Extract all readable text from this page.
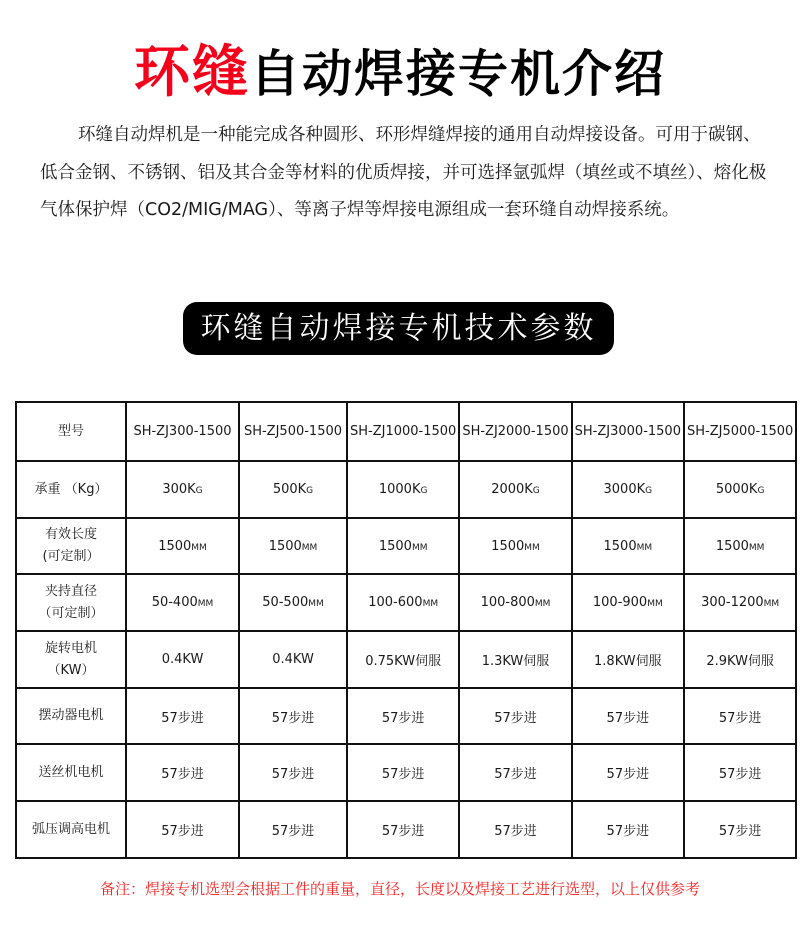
环缝自动焊接专机介绍

环缝自动焊机是一种能完成各种圆形、环形焊缝焊接的通用自动焊接设备。可用于碳钢、低合金钢、不锈钢、铝及其合金等材料的优质焊接，并可选择氩弧焊（填丝或不填丝）、熔化极气体保护焊（CO2/MIG/MAG）、等离子焊等焊接电源组成一套环缝自动焊接系统。

环缝自动焊接专机技术参数
型号	SH-ZJ300-1500	SH-ZJ500-1500	SH-ZJ1000-1500	SH-ZJ2000-1500	SH-ZJ3000-1500	SH-ZJ5000-1500

承重 （Kg）	300KG	500KG	1000KG	2000KG	3000KG	5000KG

有效长度
(可定制）	1500MM	1500MM	1500MM	1500MM	1500MM	1500MM

夹持直径
（可定制）	50-400MM	50-500MM	100-600MM	100-800MM	100-900MM	300-1200MM

旋转电机
（KW）	0.4KW	0.4KW	0.75KW伺服	1.3KW伺服	1.8KW伺服	2.9KW伺服

摆动器电机	57步进	57步进	57步进	57步进	57步进	57步进

送丝机电机	57步进	57步进	57步进	57步进	57步进	57步进

弧压调高电机	57步进	57步进	57步进	57步进	57步进	57步进
备注：焊接专机选型会根据工件的重量，直径，长度以及焊接工艺进行选型，以上仅供参考
